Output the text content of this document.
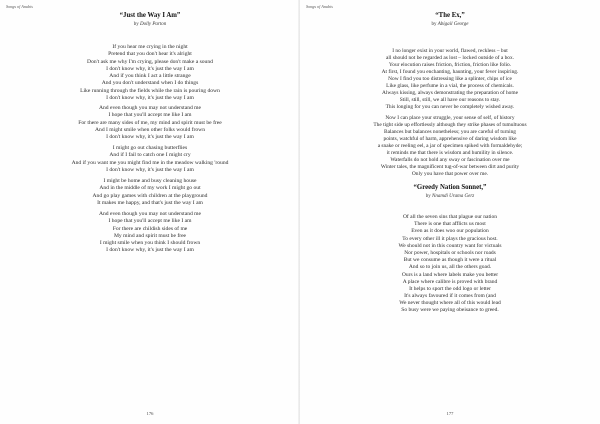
Songs of Anubis
“Just the Way I Am”
by Dolly Parton
If you hear me crying in the night
Pretend that you don't hear it's alright
Don't ask me why I'm crying, please don't make a sound
I don't know why, it's just the way I am
And if you think I act a little strange
And you don't understand when I do things
Like running through the fields while the rain is pouring down
I don't know why, it's just the way I am
And even though you may not understand me
I hope that you'll accept me like I am
For there are many sides of me, my mind and spirit must be free
And I might smile when other folks would frown
I don't know why, it's just the way I am
I might go out chasing butterflies
And if I fail to catch one I might cry
And if you want me you might find me in the meadow walking 'round
I don't know why, it's just the way I am
I might be home and busy cleaning house
And in the middle of my work I might go out
And go play games with children at the playground
It makes me happy, and that's just the way I am
And even though you may not understand me
I hope that you'll accept me like I am
For there are childish sides of me
My mind and spirit must be free
I might smile when you think I should frown
I don't know why, it's just the way I am
176
Songs of Anubis
“The Ex,”
by Abigail George
I no longer exist in your world, flawed, reckless – but
all should not be regarded as lost – locked outside of a box.
Your elocution raises friction, friction, friction like folio.
At first, I found you enchanting, haunting, your fever inspiring.
Now I find you too distressing like a splinter, chips of ice
Like glass, like perfume in a vial, the process of chemicals.
Always kissing, always demonstrating the preparation of home
Still, still, still, we all have our reasons to stay.
This longing for you can never be completely wished away.
Now I can place your struggle, your sense of self, of history
The tight side up effortlessly although they strike phases of tumultuous
Balances but balances nonetheless; you are careful of turning
points, watchful of harm, apprehensive of daring wisdom like
a snake or reeling eel, a jar of specimen spiked with formaldehyde;
it reminds me that there is wisdom and humility in silence.
Waterfalls do not hold any sway or fascination over me
Winter tales, the magnificent tug-of-war between dirt and purity
Only you have that power over me.
“Greedy Nation Sonnet,”
by Nnamdi Urama Gerz
Of all the seven sins that plague our nation
There is one that afflicts us most
Even as it does woo our population
To every other ill it plays the gracious host.
We should not in this country want for victuals
Nor power, hospitals or schools nor roads
But we consume as though it were a ritual
And so to join us, all the others goad.
Ours is a land where labels make you better
A place where calibre is proved with brand
It helps to sport the odd logo or letter
It's always favoured if it comes from (and
We never thought where all of this would lead
So busy were we paying obeisance to greed.
177
